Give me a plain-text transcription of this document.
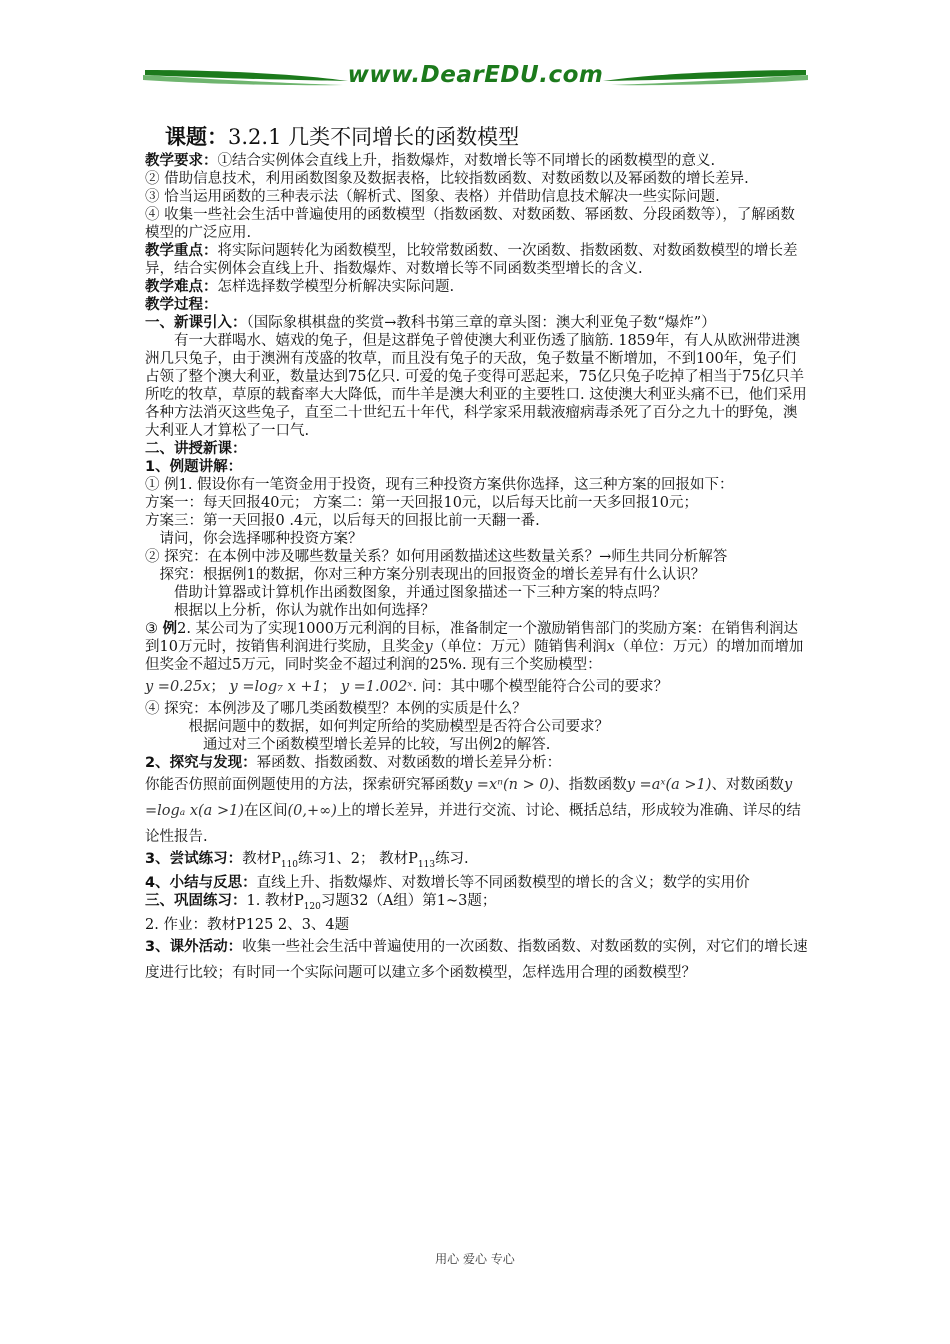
www.DearEDU.com

课题：3.2.1 几类不同增长的函数模型

教学要求：①结合实例体会直线上升，指数爆炸，对数增长等不同增长的函数模型的意义.

② 借助信息技术，利用函数图象及数据表格，比较指数函数、对数函数以及幂函数的增长差异.

③ 恰当运用函数的三种表示法（解析式、图象、表格）并借助信息技术解决一些实际问题.

④ 收集一些社会生活中普遍使用的函数模型（指数函数、对数函数、幂函数、分段函数等），了解函数模型的广泛应用.

教学重点：将实际问题转化为函数模型，比较常数函数、一次函数、指数函数、对数函数模型的增长差异，结合实例体会直线上升、指数爆炸、对数增长等不同函数类型增长的含义.

教学难点：怎样选择数学模型分析解决实际问题.

教学过程：

一、新课引入：（国际象棋棋盘的奖赏→教科书第三章的章头图：澳大利亚兔子数“爆炸”）

有一大群喝水、嬉戏的兔子，但是这群兔子曾使澳大利亚伤透了脑筋. 1859年，有人从欧洲带进澳洲几只兔子，由于澳洲有茂盛的牧草，而且没有兔子的天敌，兔子数量不断增加，不到100年，兔子们占领了整个澳大利亚，数量达到75亿只. 可爱的兔子变得可恶起来，75亿只兔子吃掉了相当于75亿只羊所吃的牧草，草原的载畜率大大降低，而牛羊是澳大利亚的主要牲口. 这使澳大利亚头痛不已，他们采用各种方法消灭这些兔子，直至二十世纪五十年代，科学家采用载液瘤病毒杀死了百分之九十的野兔，澳大利亚人才算松了一口气.

二、讲授新课：

1、例题讲解：

① 例1. 假设你有一笔资金用于投资，现有三种投资方案供你选择，这三种方案的回报如下：

方案一：每天回报40元； 方案二：第一天回报10元，以后每天比前一天多回报10元；

方案三：第一天回报0 .4元，以后每天的回报比前一天翻一番.

请问，你会选择哪种投资方案？

② 探究：在本例中涉及哪些数量关系？如何用函数描述这些数量关系？→师生共同分析解答

探究：根据例1的数据，你对三种方案分别表现出的回报资金的增长差异有什么认识？

借助计算器或计算机作出函数图象，并通过图象描述一下三种方案的特点吗？

根据以上分析，你认为就作出如何选择？

③ 例2. 某公司为了实现1000万元利润的目标，准备制定一个激励销售部门的奖励方案：在销售利润达到10万元时，按销售利润进行奖励，且奖金y（单位：万元）随销售利润x（单位：万元）的增加而增加但奖金不超过5万元，同时奖金不超过利润的25%. 现有三个奖励模型：

y =0.25x； y =log₇ x +1； y =1.002ˣ. 问：其中哪个模型能符合公司的要求？

④ 探究：本例涉及了哪几类函数模型？本例的实质是什么？

根据问题中的数据，如何判定所给的奖励模型是否符合公司要求？

通过对三个函数模型增长差异的比较，写出例2的解答.

2、探究与发现：幂函数、指数函数、对数函数的增长差异分析：

你能否仿照前面例题使用的方法，探索研究幂函数y =xⁿ(n > 0)、指数函数y =aˣ(a >1)、对数函数y =logₐ x(a >1)在区间(0,+∞)上的增长差异，并进行交流、讨论、概括总结，形成较为准确、详尽的结论性报告.

3、尝试练习：教材$P_{110}$练习1、2； 教材$P_{113}$练习.

4、小结与反思：直线上升、指数爆炸、对数增长等不同函数模型的增长的含义；数学的实用价

三、巩固练习：1. 教材$P_{120}$习题32（A组）第1~3题；

2. 作业：教材P125 2、3、4题

3、课外活动：收集一些社会生活中普遍使用的一次函数、指数函数、对数函数的实例，对它们的增长速度进行比较；有时同一个实际问题可以建立多个函数模型，怎样选用合理的函数模型？

用心 爱心 专心
